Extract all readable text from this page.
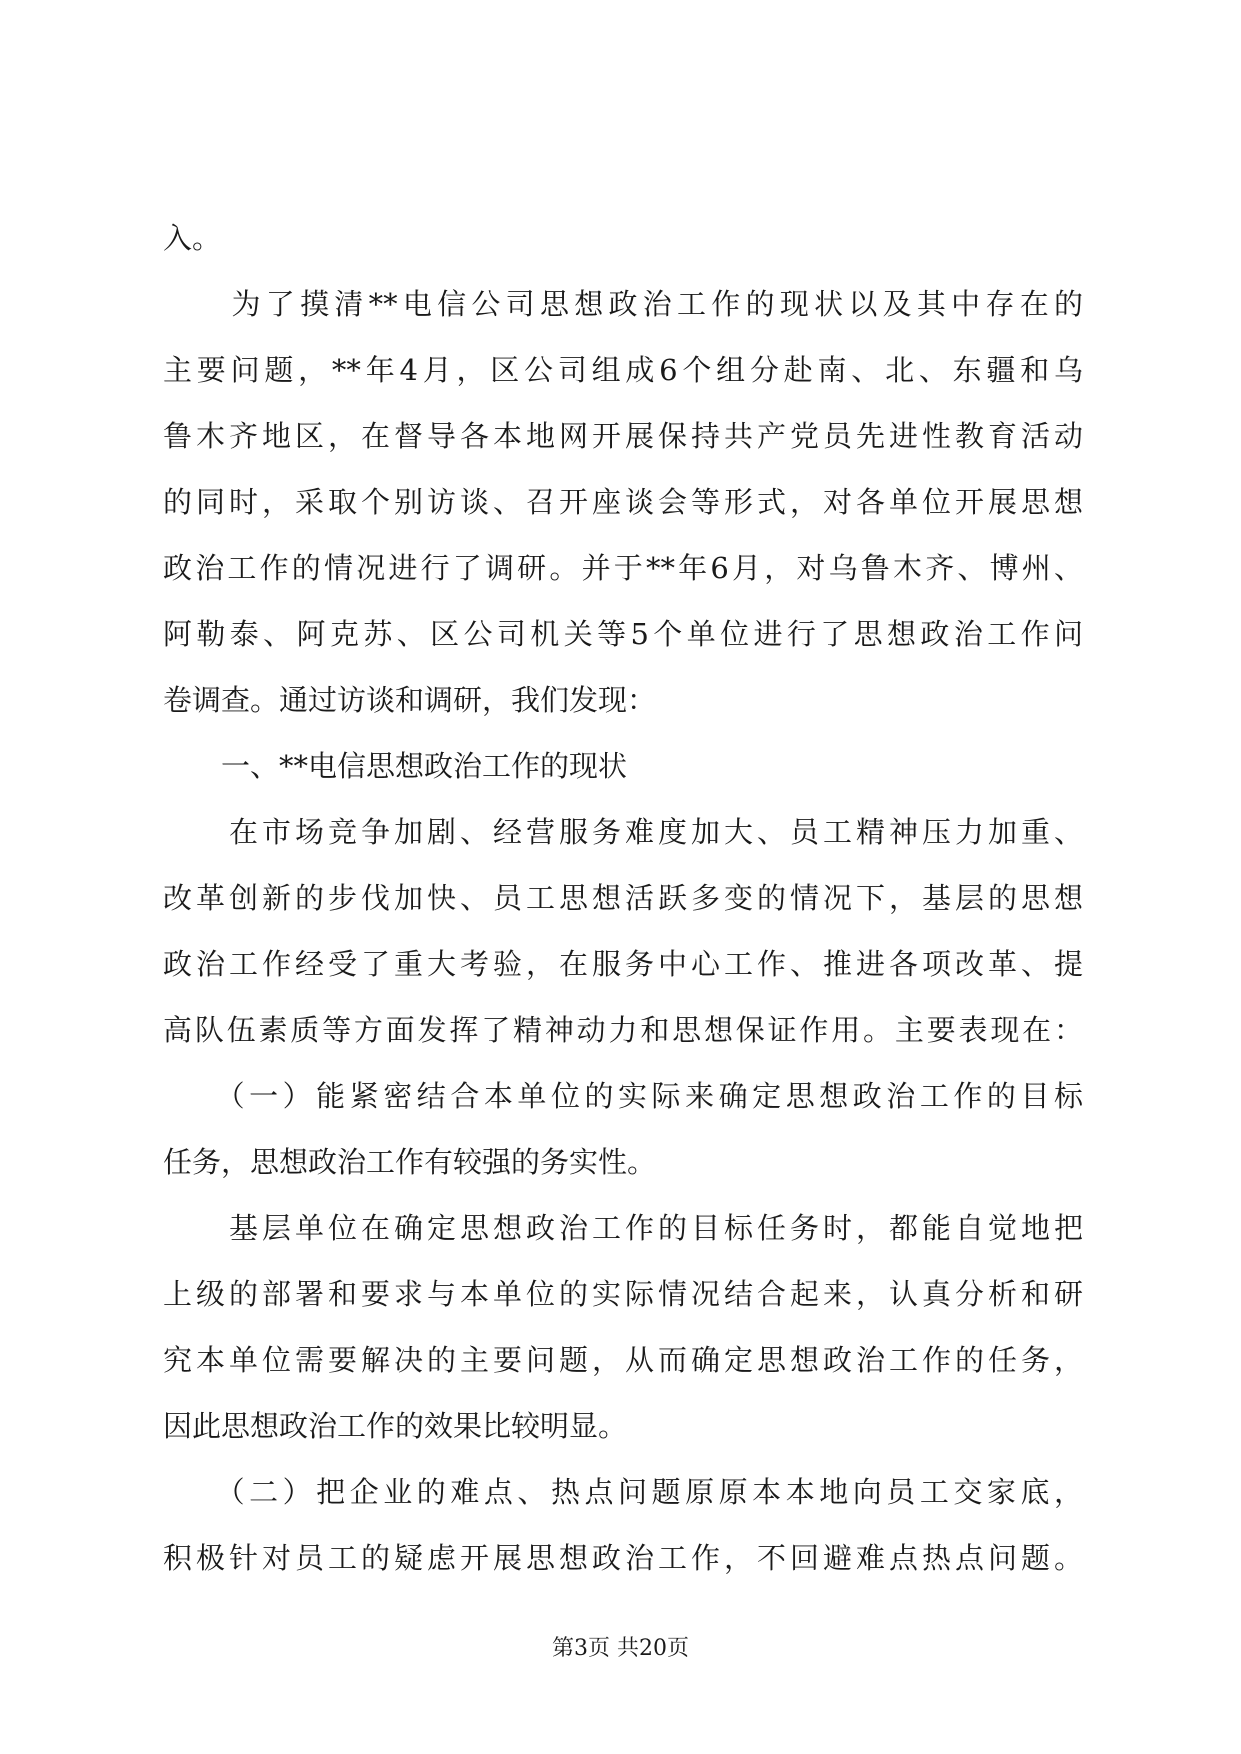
入。
　　为了摸清**电信公司思想政治工作的现状以及其中存在的
主要问题，**年4月，区公司组成6个组分赴南、北、东疆和乌
鲁木齐地区，在督导各本地网开展保持共产党员先进性教育活动
的同时，采取个别访谈、召开座谈会等形式，对各单位开展思想
政治工作的情况进行了调研。并于**年6月，对乌鲁木齐、博州、
阿勒泰、阿克苏、区公司机关等5个单位进行了思想政治工作问
卷调查。通过访谈和调研，我们发现：
　　一、**电信思想政治工作的现状
　　在市场竞争加剧、经营服务难度加大、员工精神压力加重、
改革创新的步伐加快、员工思想活跃多变的情况下，基层的思想
政治工作经受了重大考验，在服务中心工作、推进各项改革、提
高队伍素质等方面发挥了精神动力和思想保证作用。主要表现在：
　　（一）能紧密结合本单位的实际来确定思想政治工作的目标
任务，思想政治工作有较强的务实性。
　　基层单位在确定思想政治工作的目标任务时，都能自觉地把
上级的部署和要求与本单位的实际情况结合起来，认真分析和研
究本单位需要解决的主要问题，从而确定思想政治工作的任务，
因此思想政治工作的效果比较明显。
　　（二）把企业的难点、热点问题原原本本地向员工交家底，
积极针对员工的疑虑开展思想政治工作，不回避难点热点问题。
第3页 共20页
